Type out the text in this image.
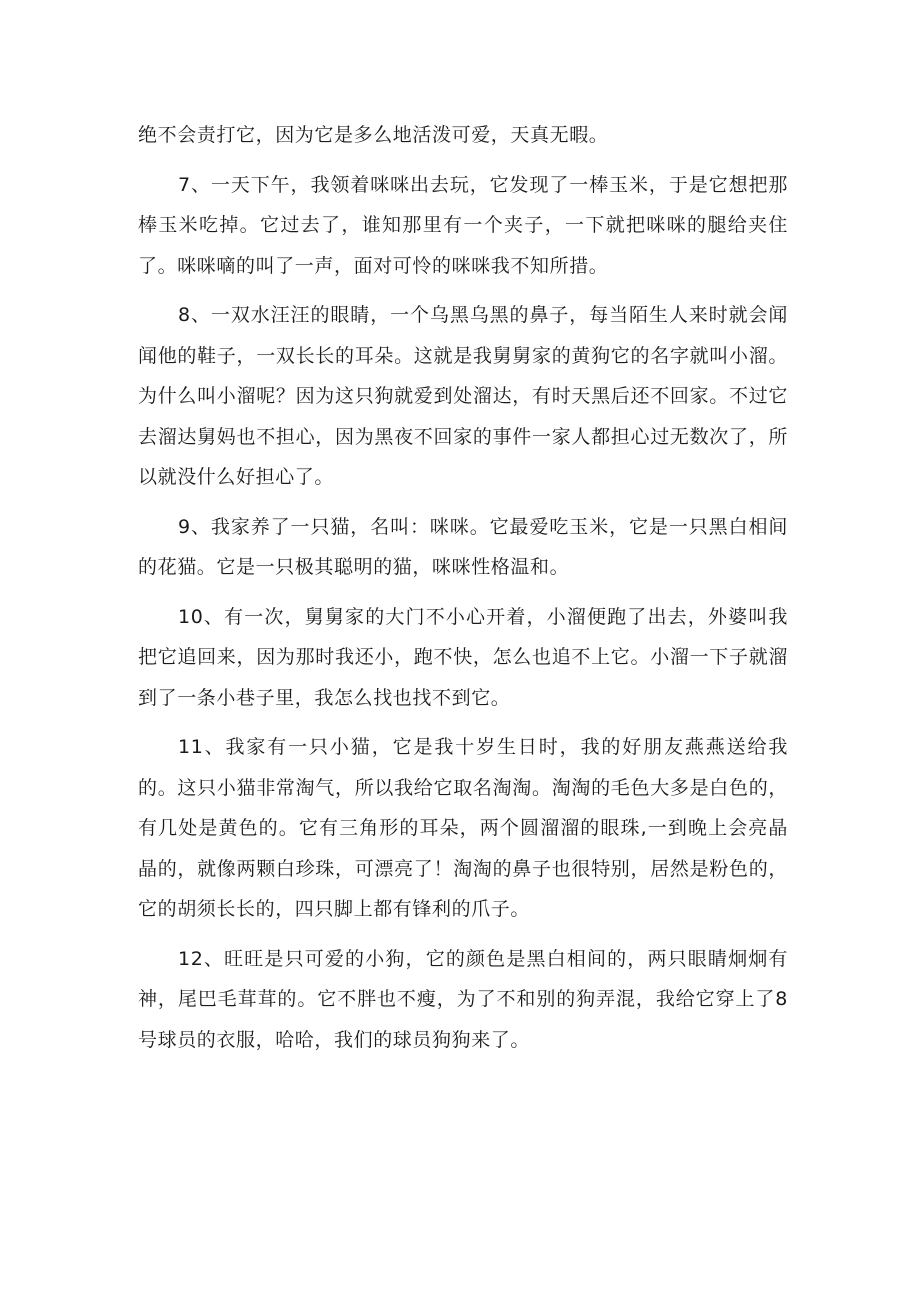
绝不会责打它，因为它是多么地活泼可爱，天真无暇。

7、一天下午，我领着咪咪出去玩，它发现了一棒玉米，于是它想把那棒玉米吃掉。它过去了，谁知那里有一个夹子，一下就把咪咪的腿给夹住了。咪咪嘀的叫了一声，面对可怜的咪咪我不知所措。

8、一双水汪汪的眼睛，一个乌黑乌黑的鼻子，每当陌生人来时就会闻闻他的鞋子，一双长长的耳朵。这就是我舅舅家的黄狗它的名字就叫小溜。为什么叫小溜呢？因为这只狗就爱到处溜达，有时天黑后还不回家。不过它去溜达舅妈也不担心，因为黑夜不回家的事件一家人都担心过无数次了，所以就没什么好担心了。

9、我家养了一只猫，名叫：咪咪。它最爱吃玉米，它是一只黑白相间的花猫。它是一只极其聪明的猫，咪咪性格温和。

10、有一次，舅舅家的大门不小心开着，小溜便跑了出去，外婆叫我把它追回来，因为那时我还小，跑不快，怎么也追不上它。小溜一下子就溜到了一条小巷子里，我怎么找也找不到它。

11、我家有一只小猫，它是我十岁生日时，我的好朋友燕燕送给我的。这只小猫非常淘气，所以我给它取名淘淘。淘淘的毛色大多是白色的，有几处是黄色的。它有三角形的耳朵，两个圆溜溜的眼珠,一到晚上会亮晶晶的，就像两颗白珍珠，可漂亮了！淘淘的鼻子也很特别，居然是粉色的，它的胡须长长的，四只脚上都有锋利的爪子。

12、旺旺是只可爱的小狗，它的颜色是黑白相间的，两只眼睛炯炯有神，尾巴毛茸茸的。它不胖也不瘦，为了不和别的狗弄混，我给它穿上了8号球员的衣服，哈哈，我们的球员狗狗来了。
